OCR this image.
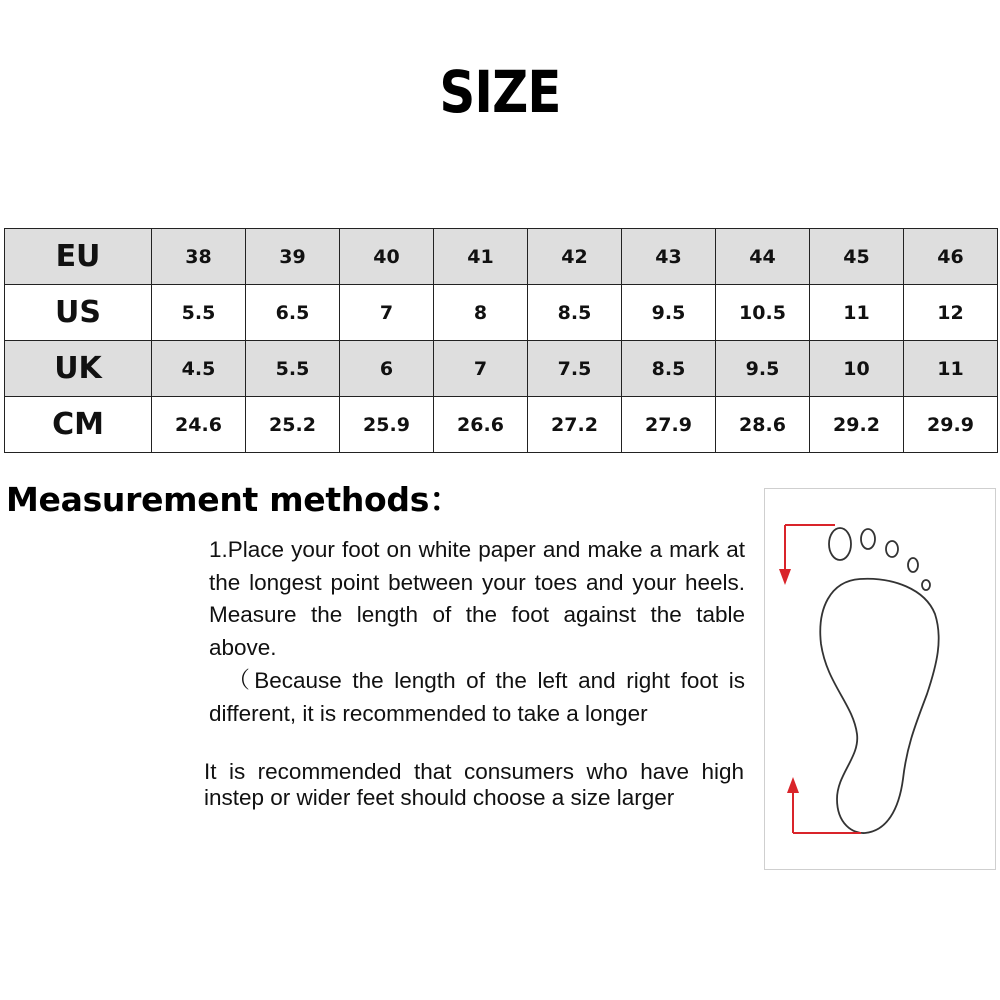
SIZE
EU	38	39	40	41	42	43	44	45	46
US	5.5	6.5	7	8	8.5	9.5	10.5	11	12
UK	4.5	5.5	6	7	7.5	8.5	9.5	10	11
CM	24.6	25.2	25.9	26.6	27.2	27.9	28.6	29.2	29.9
Measurement methods：
1.Place your foot on white paper and make a mark at the longest point between your toes and your heels. Measure the length of the foot against the table above.
（Because the length of the left and right foot is different, it is recommended to take a longer
It is recommended that consumers who have high instep or wider feet should choose a size larger
